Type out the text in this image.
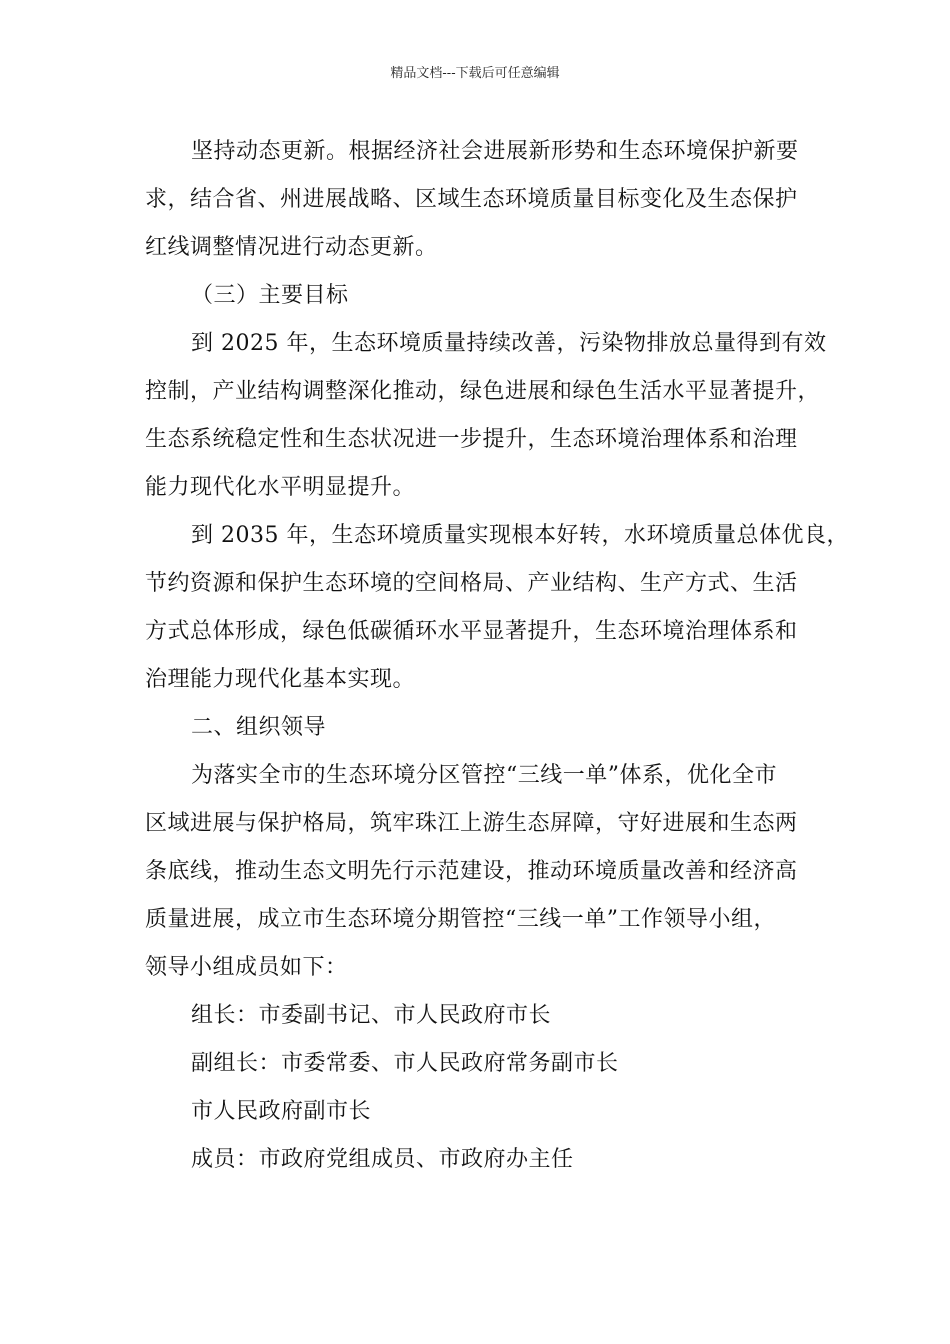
精品文档---下载后可任意编辑
坚持动态更新。根据经济社会进展新形势和生态环境保护新要
求，结合省、州进展战略、区域生态环境质量目标变化及生态保护
红线调整情况进行动态更新。
（三）主要目标
到 2025 年，生态环境质量持续改善，污染物排放总量得到有效
控制，产业结构调整深化推动，绿色进展和绿色生活水平显著提升，
生态系统稳定性和生态状况进一步提升，生态环境治理体系和治理
能力现代化水平明显提升。
到 2035 年，生态环境质量实现根本好转，水环境质量总体优良，
节约资源和保护生态环境的空间格局、产业结构、生产方式、生活
方式总体形成，绿色低碳循环水平显著提升，生态环境治理体系和
治理能力现代化基本实现。
二、组织领导
为落实全市的生态环境分区管控“三线一单”体系，优化全市
区域进展与保护格局，筑牢珠江上游生态屏障，守好进展和生态两
条底线，推动生态文明先行示范建设，推动环境质量改善和经济高
质量进展，成立市生态环境分期管控“三线一单”工作领导小组，
领导小组成员如下：
组长：市委副书记、市人民政府市长
副组长：市委常委、市人民政府常务副市长
市人民政府副市长
成员：市政府党组成员、市政府办主任
